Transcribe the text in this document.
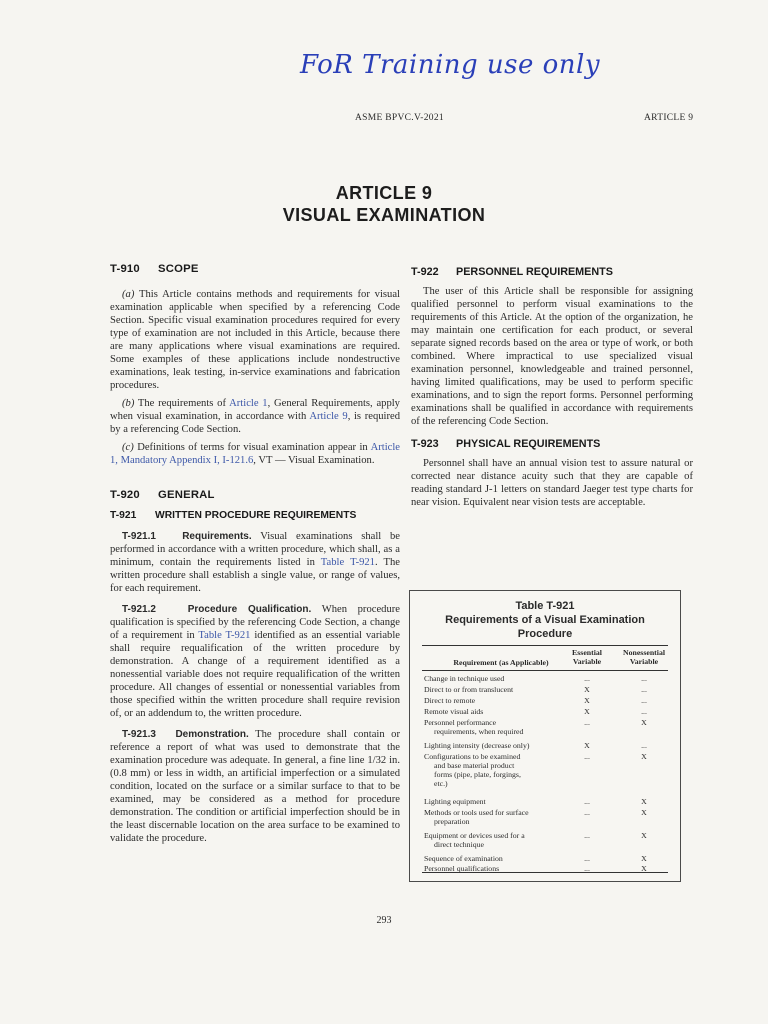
FoR Training use only
ASME BPVC.V-2021	ARTICLE 9
ARTICLE 9
VISUAL EXAMINATION
T-910 SCOPE

(a) This Article contains methods and requirements for visual examination applicable when specified by a referencing Code Section. Specific visual examination procedures required for every type of examination are not included in this Article, because there are many applications where visual examinations are required. Some examples of these applications include nondestructive examinations, leak testing, in-service examinations and fabrication procedures.

(b) The requirements of Article 1, General Requirements, apply when visual examination, in accordance with Article 9, is required by a referencing Code Section.

(c) Definitions of terms for visual examination appear in Article 1, Mandatory Appendix I, I-121.6, VT — Visual Examination.

T-920 GENERAL
T-921 WRITTEN PROCEDURE REQUIREMENTS

T-921.1	Requirements. Visual examinations shall be performed in accordance with a written procedure, which shall, as a minimum, contain the requirements listed in Table T-921. The written procedure shall establish a single value, or range of values, for each requirement.

T-921.2	Procedure Qualification. When procedure qualification is specified by the referencing Code Section, a change of a requirement in Table T-921 identified as an essential variable shall require requalification of the written procedure by demonstration. A change of a requirement identified as a nonessential variable does not require requalification of the written procedure. All changes of essential or nonessential variables from those specified within the written procedure shall require revision of, or an addendum to, the written procedure.

T-921.3 Demonstration. The procedure shall contain or reference a report of what was used to demonstrate that the examination procedure was adequate. In general, a fine line 1/32 in. (0.8 mm) or less in width, an artificial imperfection or a simulated condition, located on the surface or a similar surface to that to be examined, may be considered as a method for procedure demonstration. The condition or artificial imperfection should be in the least discernable location on the area surface to be examined to validate the procedure.

T-922 PERSONNEL REQUIREMENTS

The user of this Article shall be responsible for assigning qualified personnel to perform visual examinations to the requirements of this Article. At the option of the organization, he may maintain one certification for each product, or several separate signed records based on the area or type of work, or both combined. Where impractical to use specialized visual examination personnel, knowledgeable and trained personnel, having limited qualifications, may be used to perform specific examinations, and to sign the report forms. Personnel performing examinations shall be qualified in accordance with requirements of the referencing Code Section.

T-923 PHYSICAL REQUIREMENTS

Personnel shall have an annual vision test to assure natural or corrected near distance acuity such that they are capable of reading standard J-1 letters on standard Jaeger test type charts for near vision. Equivalent near vision tests are acceptable.

Table T-921
Requirements of a Visual Examination
Procedure
Requirement (as Applicable)
Essential
Variable
Nonessential
Variable
Change in technique used	...	...
Direct to or from translucent	X	...
Direct to remote	X	...
Remote visual aids	X	...
Personnel performance
requirements, when required
...	X
Lighting intensity (decrease only)	X	...
Configurations to be examined
and base material product
forms (pipe, plate, forgings,
etc.)
...	X
Lighting equipment	...	X
Methods or tools used for surface
preparation
...	X
Equipment or devices used for a
direct technique
...	X
Sequence of examination	...	X
Personnel qualifications	...	X
293
